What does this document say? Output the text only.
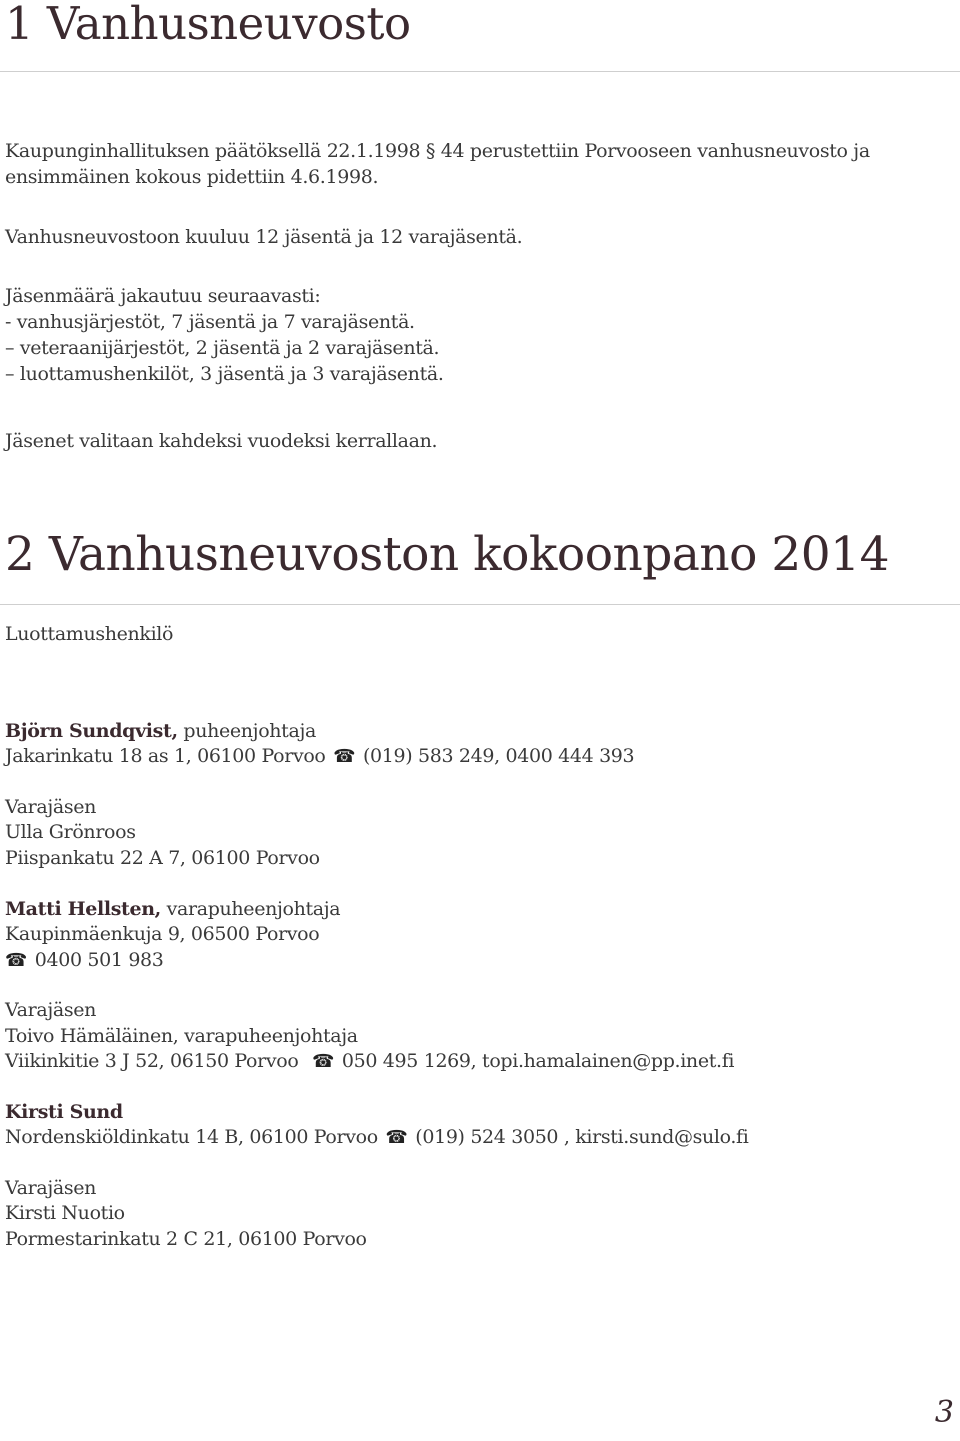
1 Vanhusneuvosto
Kaupunginhallituksen päätöksellä 22.1.1998 § 44 perustettiin Porvooseen vanhusneuvosto ja
ensimmäinen kokous pidettiin 4.6.1998.
Vanhusneuvostoon kuuluu 12 jäsentä ja 12 varajäsentä.
Jäsenmäärä jakautuu seuraavasti:
- vanhusjärjestöt, 7 jäsentä ja 7 varajäsentä.
– veteraanijärjestöt, 2 jäsentä ja 2 varajäsentä.
– luottamushenkilöt, 3 jäsentä ja 3 varajäsentä.
Jäsenet valitaan kahdeksi vuodeksi kerrallaan.
2 Vanhusneuvoston kokoonpano 2014
Luottamushenkilö
Björn Sundqvist, puheenjohtaja
Jakarinkatu 18 as 1, 06100 Porvoo ☎ (019) 583 249, 0400 444 393
Varajäsen
Ulla Grönroos
Piispankatu 22 A 7, 06100 Porvoo
Matti Hellsten, varapuheenjohtaja
Kaupinmäenkuja 9, 06500 Porvoo
☎ 0400 501 983
Varajäsen
Toivo Hämäläinen, varapuheenjohtaja
Viikinkitie 3 J 52, 06150 Porvoo ☎ 050 495 1269, topi.hamalainen@pp.inet.fi
Kirsti Sund
Nordenskiöldinkatu 14 B, 06100 Porvoo ☎ (019) 524 3050 , kirsti.sund@sulo.fi
Varajäsen
Kirsti Nuotio
Pormestarinkatu 2 C 21, 06100 Porvoo
3
